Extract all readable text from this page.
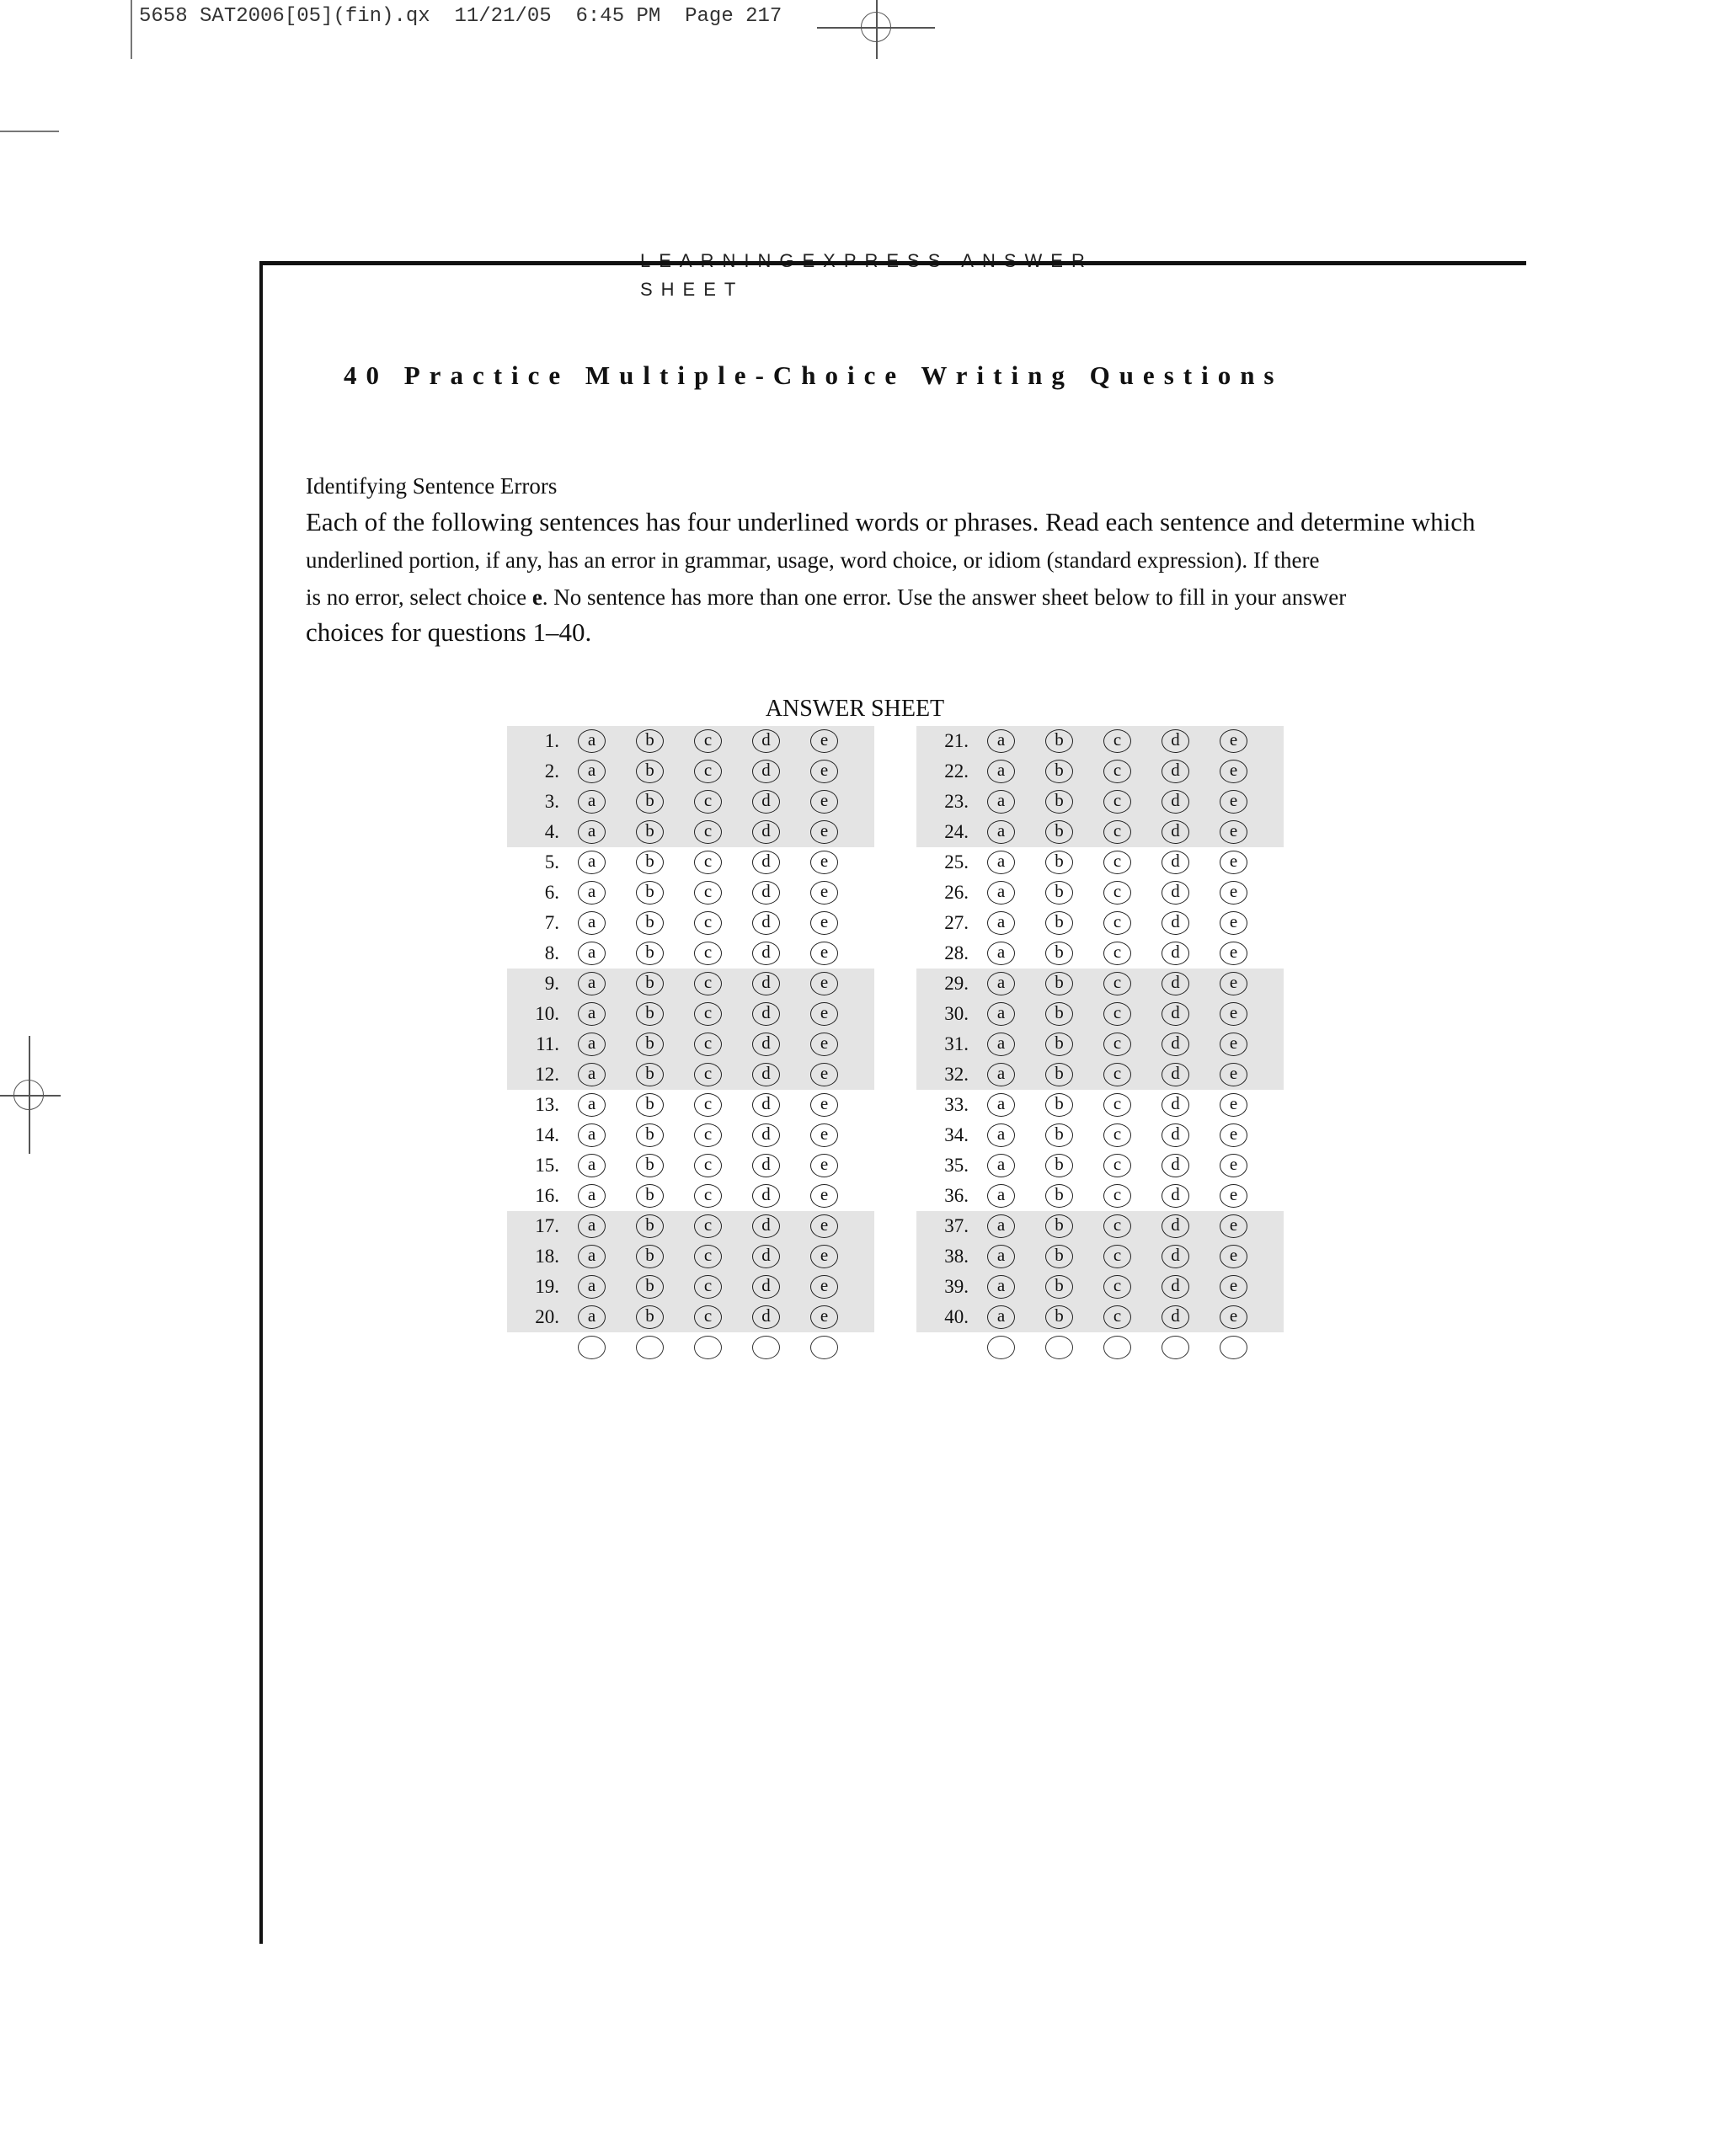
5658 SAT2006[05](fin).qx  11/21/05  6:45 PM  Page 217
SHEET
40 Practice Multiple-Choice Writing Questions
Identifying Sentence Errors
Each of the following sentences has four underlined words or phrases. Read each sentence and determine which
underlined portion, if any, has an error in grammar, usage, word choice, or idiom (standard expression). If there
is no error, select choice e. No sentence has more than one error. Use the answer sheet below to fill in your answer
choices for questions 1–40.
ANSWER SHEET
1.	a	b	c	d	e
2.	a	b	c	d	e
3.	a	b	c	d	e
4.	a	b	c	d	e
5.	a	b	c	d	e
6.	a	b	c	d	e
7.	a	b	c	d	e
8.	a	b	c	d	e
9.	a	b	c	d	e
10.	a	b	c	d	e
11.	a	b	c	d	e
12.	a	b	c	d	e
13.	a	b	c	d	e
14.	a	b	c	d	e
15.	a	b	c	d	e
16.	a	b	c	d	e
17.	a	b	c	d	e
18.	a	b	c	d	e
19.	a	b	c	d	e
20.	a	b	c	d	e
21.	a	b	c	d	e
22.	a	b	c	d	e
23.	a	b	c	d	e
24.	a	b	c	d	e
25.	a	b	c	d	e
26.	a	b	c	d	e
27.	a	b	c	d	e
28.	a	b	c	d	e
29.	a	b	c	d	e
30.	a	b	c	d	e
31.	a	b	c	d	e
32.	a	b	c	d	e
33.	a	b	c	d	e
34.	a	b	c	d	e
35.	a	b	c	d	e
36.	a	b	c	d	e
37.	a	b	c	d	e
38.	a	b	c	d	e
39.	a	b	c	d	e
40.	a	b	c	d	e
